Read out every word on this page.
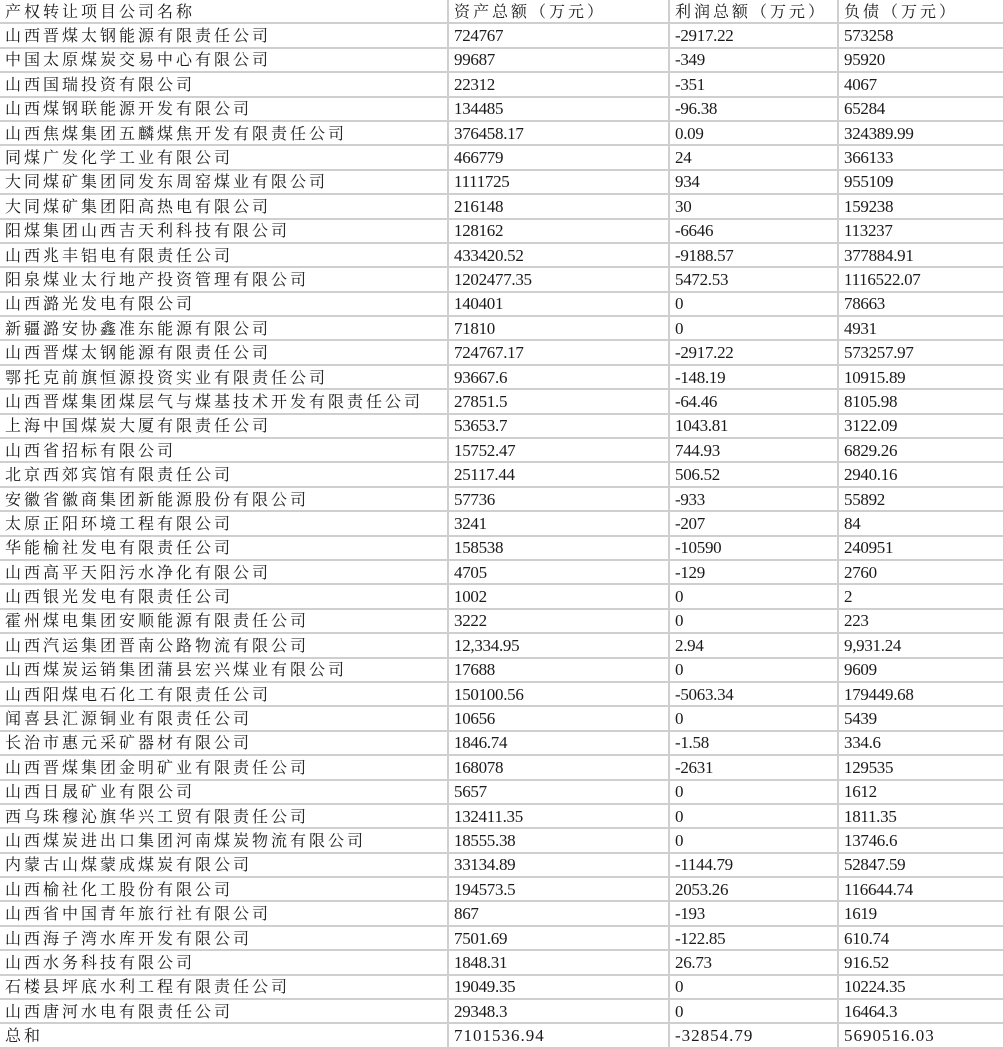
产权转让项目公司名称	资产总额（万元）	利润总额（万元）	负债（万元）
山西晋煤太钢能源有限责任公司	724767	-2917.22	573258
中国太原煤炭交易中心有限公司	99687	-349	95920
山西国瑞投资有限公司	22312	-351	4067
山西煤钢联能源开发有限公司	134485	-96.38	65284
山西焦煤集团五麟煤焦开发有限责任公司	376458.17	0.09	324389.99
同煤广发化学工业有限公司	466779	24	366133
大同煤矿集团同发东周窑煤业有限公司	1111725	934	955109
大同煤矿集团阳高热电有限公司	216148	30	159238
阳煤集团山西吉天利科技有限公司	128162	-6646	113237
山西兆丰铝电有限责任公司	433420.52	-9188.57	377884.91
阳泉煤业太行地产投资管理有限公司	1202477.35	5472.53	1116522.07
山西潞光发电有限公司	140401	0	78663
新疆潞安协鑫准东能源有限公司	71810	0	4931
山西晋煤太钢能源有限责任公司	724767.17	-2917.22	573257.97
鄂托克前旗恒源投资实业有限责任公司	93667.6	-148.19	10915.89
山西晋煤集团煤层气与煤基技术开发有限责任公司	27851.5	-64.46	8105.98
上海中国煤炭大厦有限责任公司	53653.7	1043.81	3122.09
山西省招标有限公司	15752.47	744.93	6829.26
北京西郊宾馆有限责任公司	25117.44	506.52	2940.16
安徽省徽商集团新能源股份有限公司	57736	-933	55892
太原正阳环境工程有限公司	3241	-207	84
华能榆社发电有限责任公司	158538	-10590	240951
山西高平天阳污水净化有限公司	4705	-129	2760
山西银光发电有限责任公司	1002	0	2
霍州煤电集团安顺能源有限责任公司	3222	0	223
山西汽运集团晋南公路物流有限公司	12,334.95	2.94	9,931.24
山西煤炭运销集团蒲县宏兴煤业有限公司	17688	0	9609
山西阳煤电石化工有限责任公司	150100.56	-5063.34	179449.68
闻喜县汇源铜业有限责任公司	10656	0	5439
长治市惠元采矿器材有限公司	1846.74	-1.58	334.6
山西晋煤集团金明矿业有限责任公司	168078	-2631	129535
山西日晟矿业有限公司	5657	0	1612
西乌珠穆沁旗华兴工贸有限责任公司	132411.35	0	1811.35
山西煤炭进出口集团河南煤炭物流有限公司	18555.38	0	13746.6
内蒙古山煤蒙成煤炭有限公司	33134.89	-1144.79	52847.59
山西榆社化工股份有限公司	194573.5	2053.26	116644.74
山西省中国青年旅行社有限公司	867	-193	1619
山西海子湾水库开发有限公司	7501.69	-122.85	610.74
山西水务科技有限公司	1848.31	26.73	916.52
石楼县坪底水利工程有限责任公司	19049.35	0	10224.35
山西唐河水电有限责任公司	29348.3	0	16464.3
总和	7101536.94	-32854.79	5690516.03
